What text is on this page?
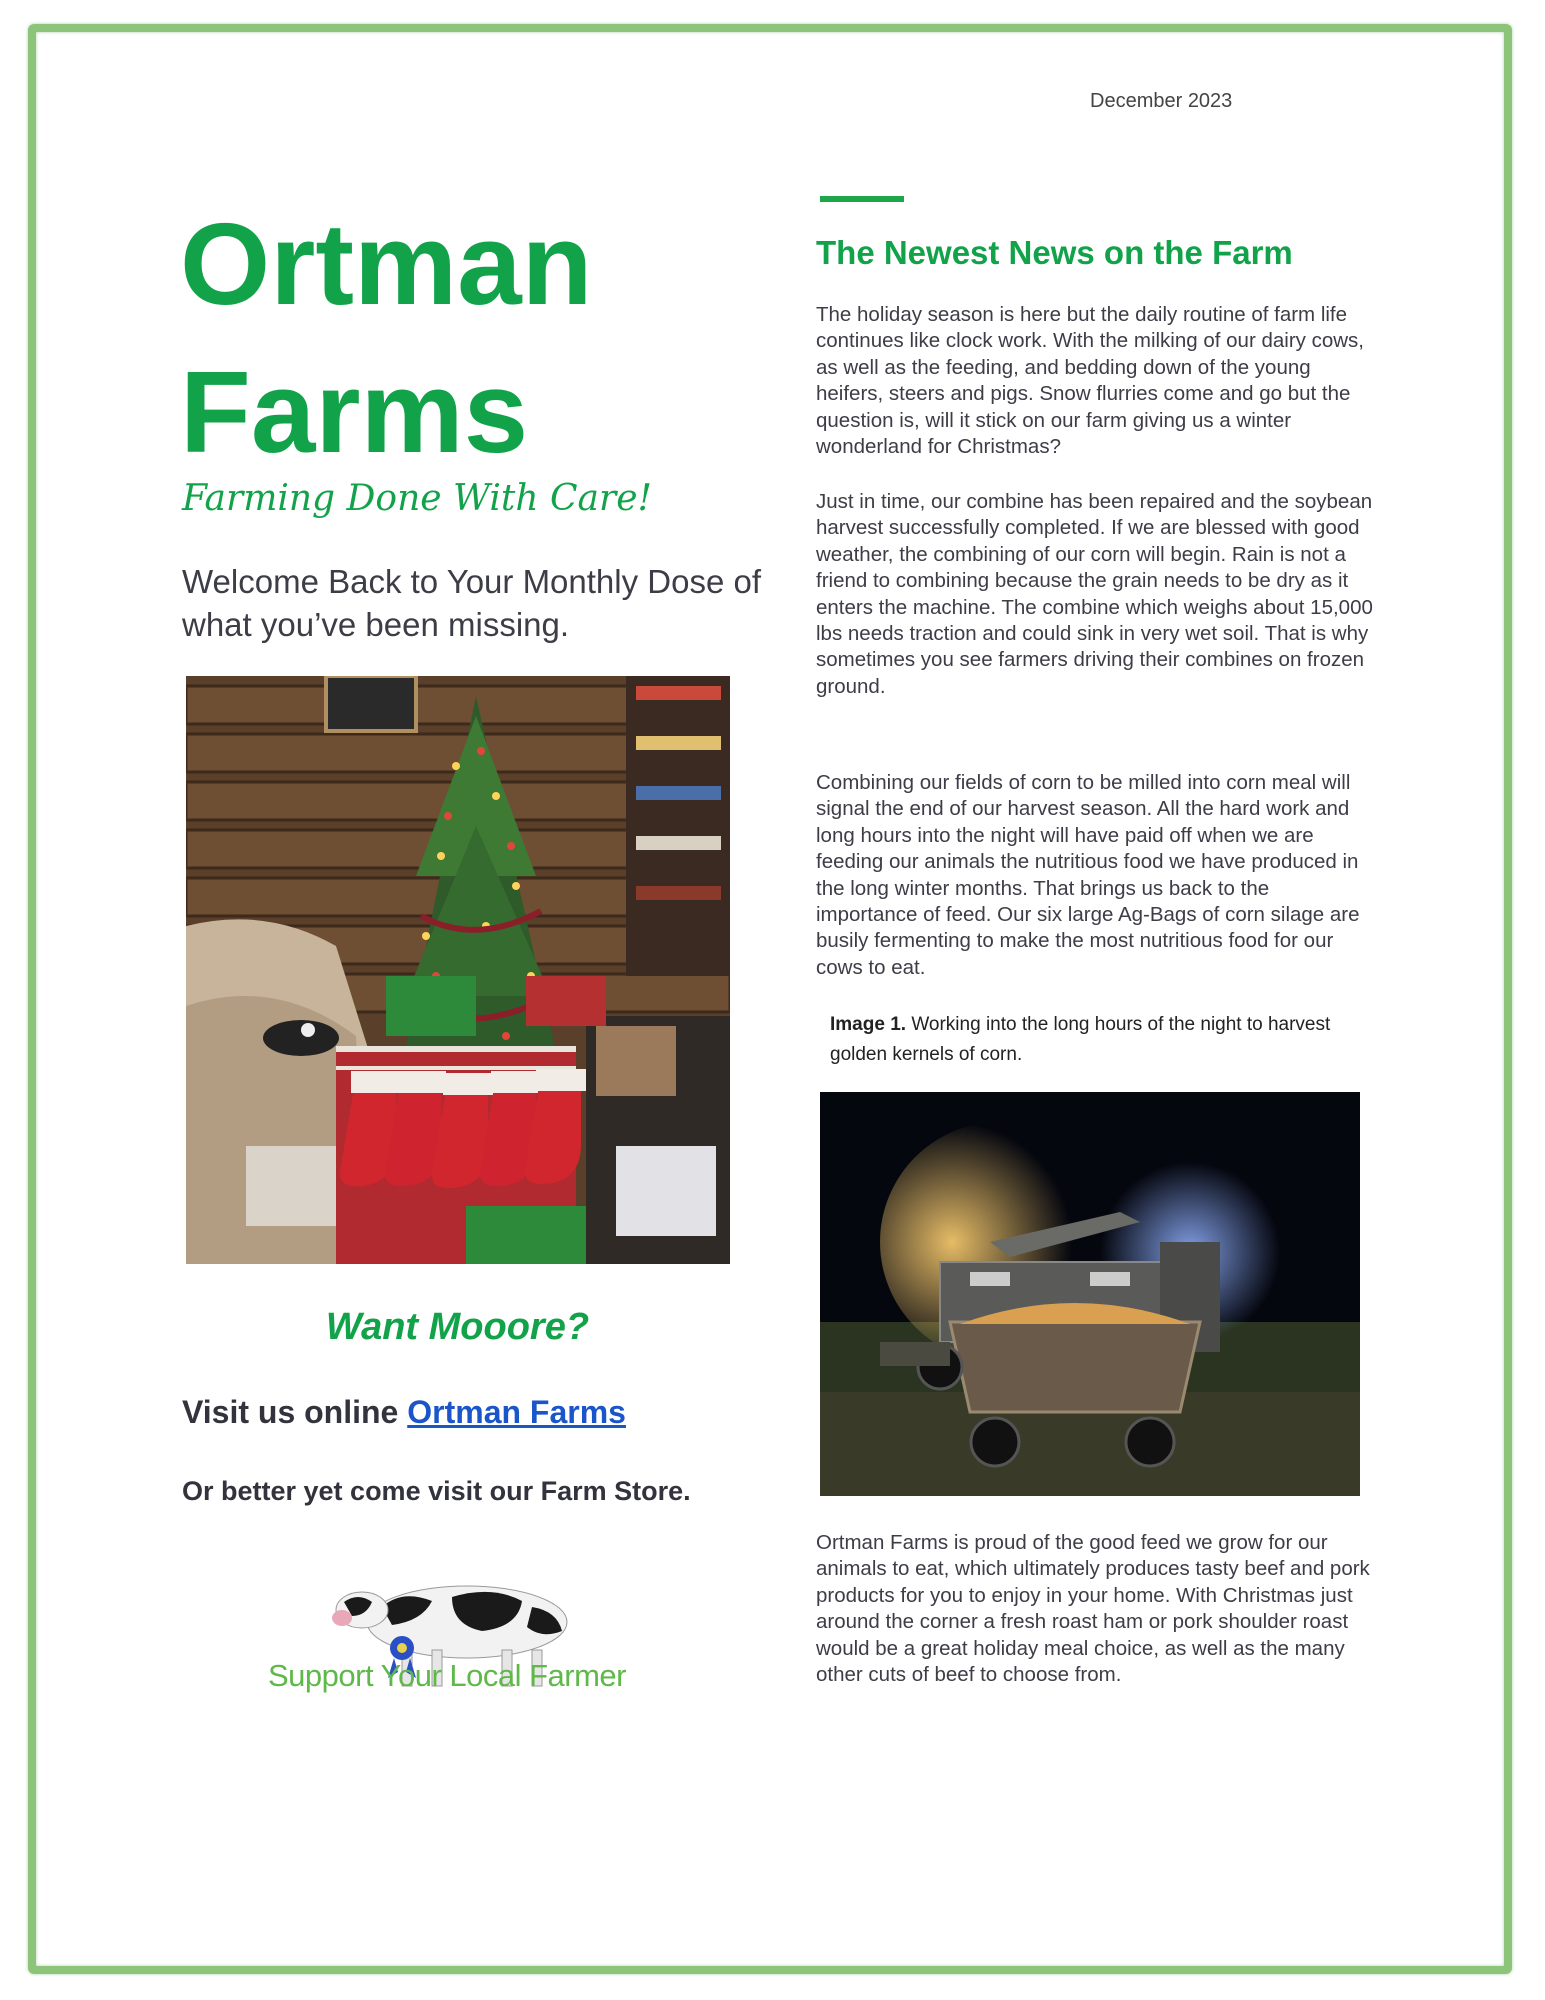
December 2023
Ortman
Farms
Farming Done With Care!
Welcome Back to Your Monthly Dose of what you’ve been missing.
Want Mooore?
Visit us online Ortman Farms
Or better yet come visit our Farm Store.
Support Your Local Farmer
The Newest News on the Farm

The holiday season is here but the daily routine of farm life continues like clock work. With the milking of our dairy cows, as well as the feeding, and bedding down of the young heifers, steers and pigs. Snow flurries come and go but the question is, will it stick on our farm giving us a winter wonderland for Christmas?

Just in time, our combine has been repaired and the soybean harvest successfully completed. If we are blessed with good weather, the combining of our corn will begin. Rain is not a friend to combining because the grain needs to be dry as it enters the machine. The combine which weighs about 15,000 lbs needs traction and could sink in very wet soil. That is why sometimes you see farmers driving their combines on frozen ground.

Combining our fields of corn to be milled into corn meal will signal the end of our harvest season. All the hard work and long hours into the night will have paid off when we are feeding our animals the nutritious food we have produced in the long winter months. That brings us back to the importance of feed. Our six large Ag-Bags of corn silage are busily fermenting to make the most nutritious food for our cows to eat.

Image 1. Working into the long hours of the night to harvest golden kernels of corn.

Ortman Farms is proud of the good feed we grow for our animals to eat, which ultimately produces tasty beef and pork products for you to enjoy in your home. With Christmas just around the corner a fresh roast ham or pork shoulder roast would be a great holiday meal choice, as well as the many other cuts of beef to choose from.
